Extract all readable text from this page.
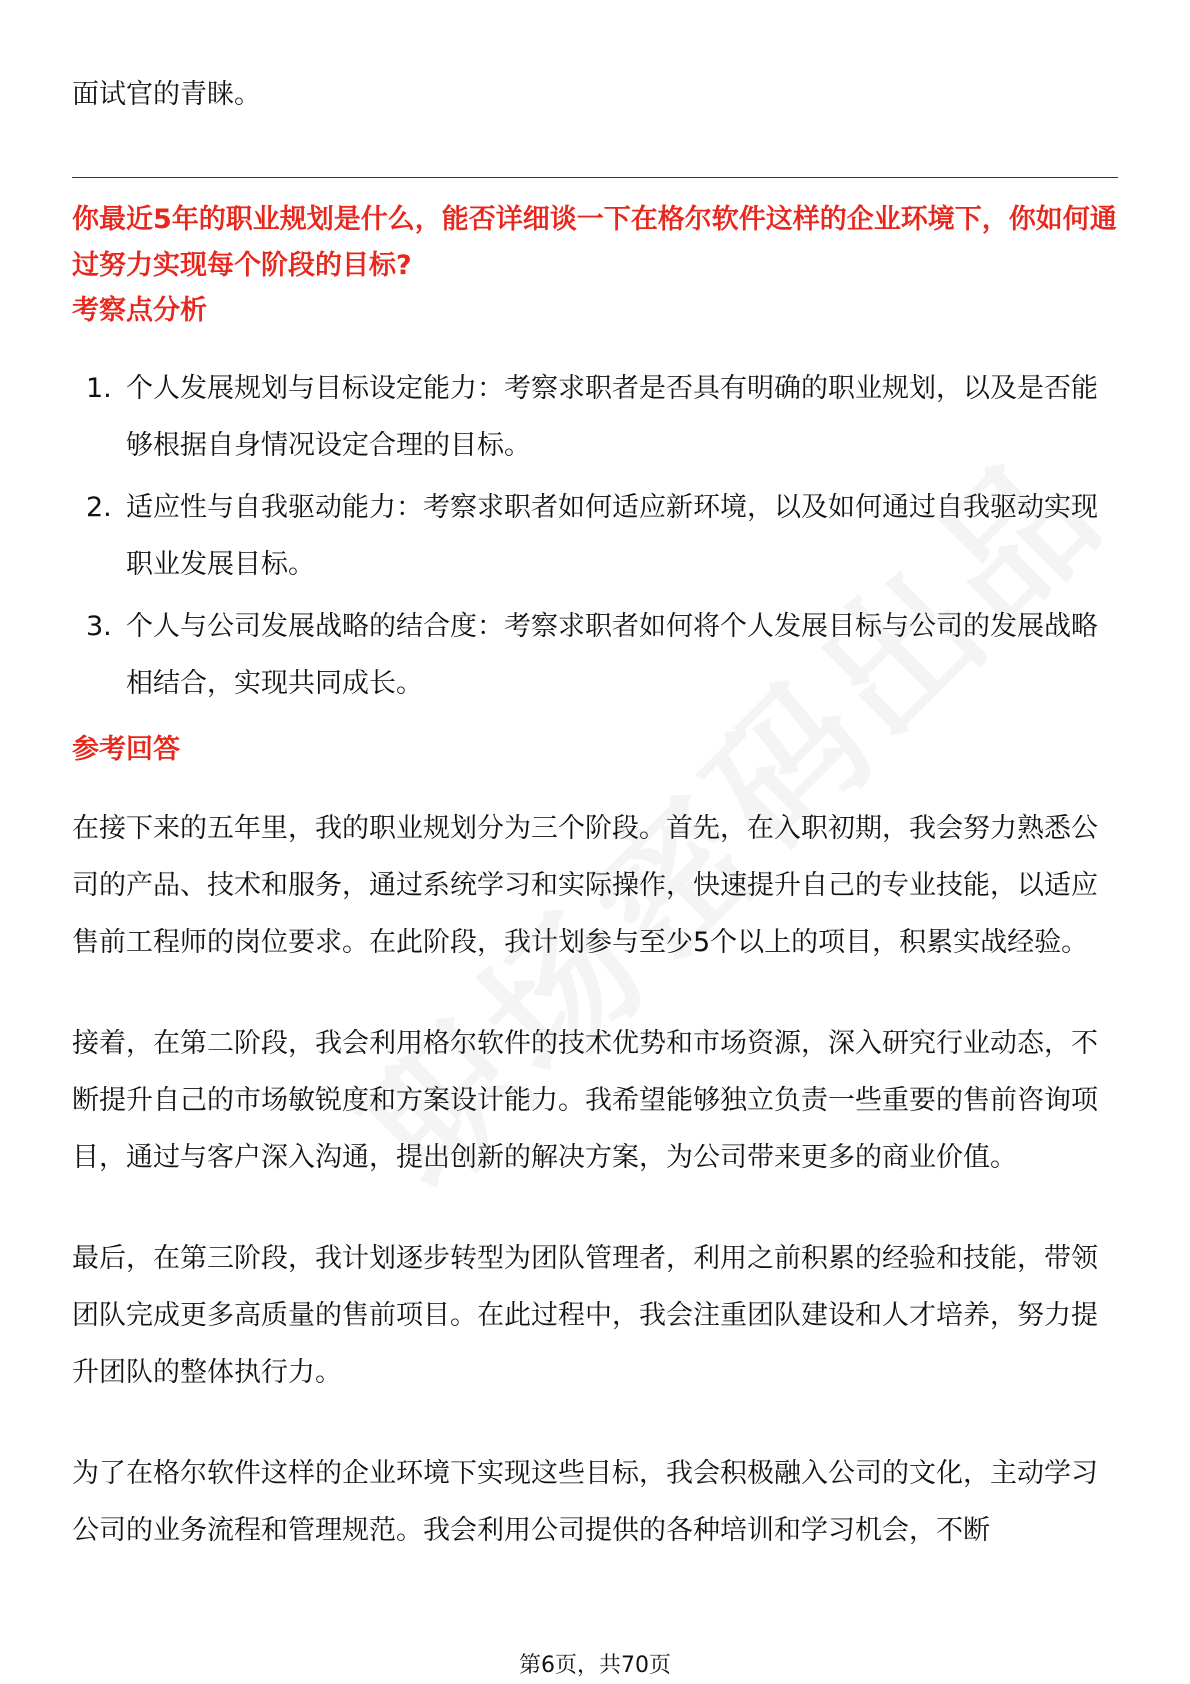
面试官的青睐。

你最近5年的职业规划是什么，能否详细谈一下在格尔软件这样的企业环境下，你如何通过努力实现每个阶段的目标?

考察点分析

1. 个人发展规划与目标设定能力：考察求职者是否具有明确的职业规划，以及是否能够根据自身情况设定合理的目标。

2. 适应性与自我驱动能力：考察求职者如何适应新环境，以及如何通过自我驱动实现职业发展目标。

3. 个人与公司发展战略的结合度：考察求职者如何将个人发展目标与公司的发展战略相结合，实现共同成长。

参考回答

在接下来的五年里，我的职业规划分为三个阶段。首先，在入职初期，我会努力熟悉公司的产品、技术和服务，通过系统学习和实际操作，快速提升自己的专业技能，以适应售前工程师的岗位要求。在此阶段，我计划参与至少5个以上的项目，积累实战经验。

接着，在第二阶段，我会利用格尔软件的技术优势和市场资源，深入研究行业动态，不断提升自己的市场敏锐度和方案设计能力。我希望能够独立负责一些重要的售前咨询项目，通过与客户深入沟通，提出创新的解决方案，为公司带来更多的商业价值。

最后，在第三阶段，我计划逐步转型为团队管理者，利用之前积累的经验和技能，带领团队完成更多高质量的售前项目。在此过程中，我会注重团队建设和人才培养，努力提升团队的整体执行力。

为了在格尔软件这样的企业环境下实现这些目标，我会积极融入公司的文化，主动学习公司的业务流程和管理规范。我会利用公司提供的各种培训和学习机会，不断

第6页，共70页
